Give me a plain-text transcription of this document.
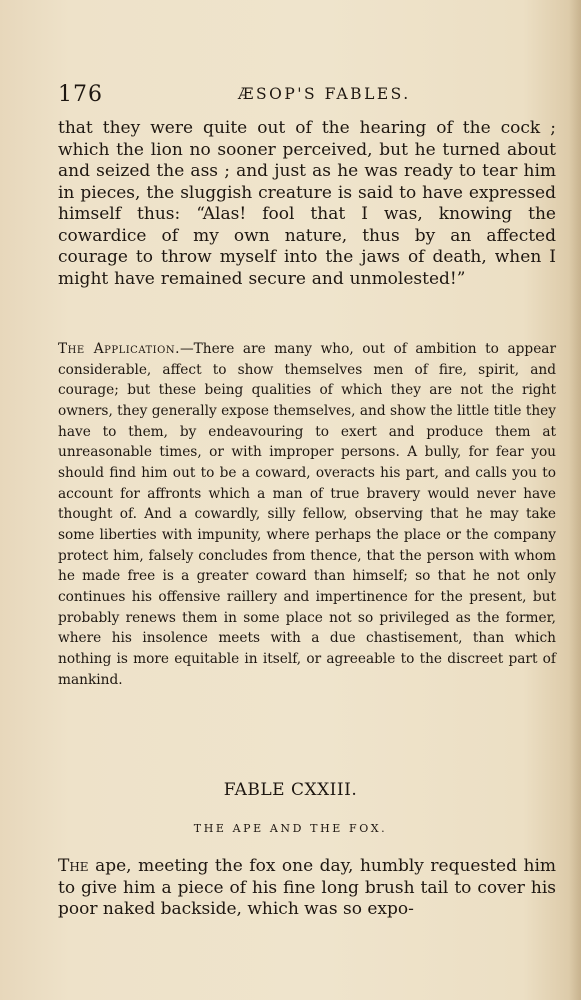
176	ÆSOP'S FABLES.

that they were quite out of the hearing of the cock ; which the lion no sooner perceived, but he turned about and seized the ass ; and just as he was ready to tear him in pieces, the sluggish creature is said to have expressed himself thus: “Alas! fool that I was, knowing the cowardice of my own nature, thus by an affected courage to throw myself into the jaws of death, when I might have remained secure and unmolested!”

The Application.—There are many who, out of ambition to appear considerable, affect to show themselves men of fire, spirit, and courage; but these being qualities of which they are not the right owners, they generally expose themselves, and show the little title they have to them, by endeavouring to exert and produce them at unreasonable times, or with improper persons. A bully, for fear you should find him out to be a coward, overacts his part, and calls you to account for affronts which a man of true bravery would never have thought of. And a cowardly, silly fellow, observing that he may take some liberties with impunity, where perhaps the place or the company protect him, falsely concludes from thence, that the person with whom he made free is a greater coward than himself; so that he not only continues his offensive raillery and impertinence for the present, but probably renews them in some place not so privileged as the former, where his insolence meets with a due chastisement, than which nothing is more equitable in itself, or agreeable to the discreet part of mankind.

FABLE CXXIII.
THE APE AND THE FOX.

The ape, meeting the fox one day, humbly requested him to give him a piece of his fine long brush tail to cover his poor naked backside, which was so expo-
